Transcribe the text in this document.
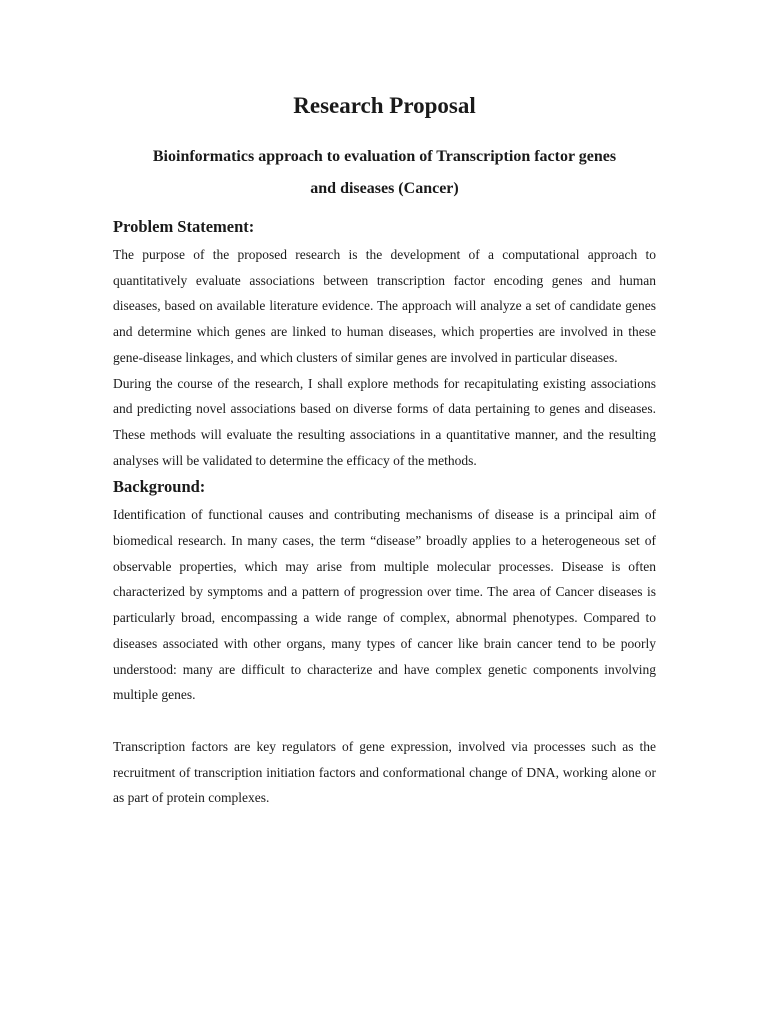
Research Proposal
Bioinformatics approach to evaluation of Transcription factor genes
and diseases (Cancer)
Problem Statement:

The purpose of the proposed research is the development of a computational approach to quantitatively evaluate associations between transcription factor encoding genes and human diseases, based on available literature evidence. The approach will analyze a set of candidate genes and determine which genes are linked to human diseases, which properties are involved in these gene-disease linkages, and which clusters of similar genes are involved in particular diseases.

During the course of the research, I shall explore methods for recapitulating existing associations and predicting novel associations based on diverse forms of data pertaining to genes and diseases. These methods will evaluate the resulting associations in a quantitative manner, and the resulting analyses will be validated to determine the efficacy of the methods.

Background:

Identification of functional causes and contributing mechanisms of disease is a principal aim of biomedical research. In many cases, the term “disease” broadly applies to a heterogeneous set of observable properties, which may arise from multiple molecular processes. Disease is often characterized by symptoms and a pattern of progression over time. The area of Cancer diseases is particularly broad, encompassing a wide range of complex, abnormal phenotypes. Compared to diseases associated with other organs, many types of cancer like brain cancer tend to be poorly understood: many are difficult to characterize and have complex genetic components involving multiple genes.

Transcription factors are key regulators of gene expression, involved via processes such as the recruitment of transcription initiation factors and conformational change of DNA, working alone or as part of protein complexes.
